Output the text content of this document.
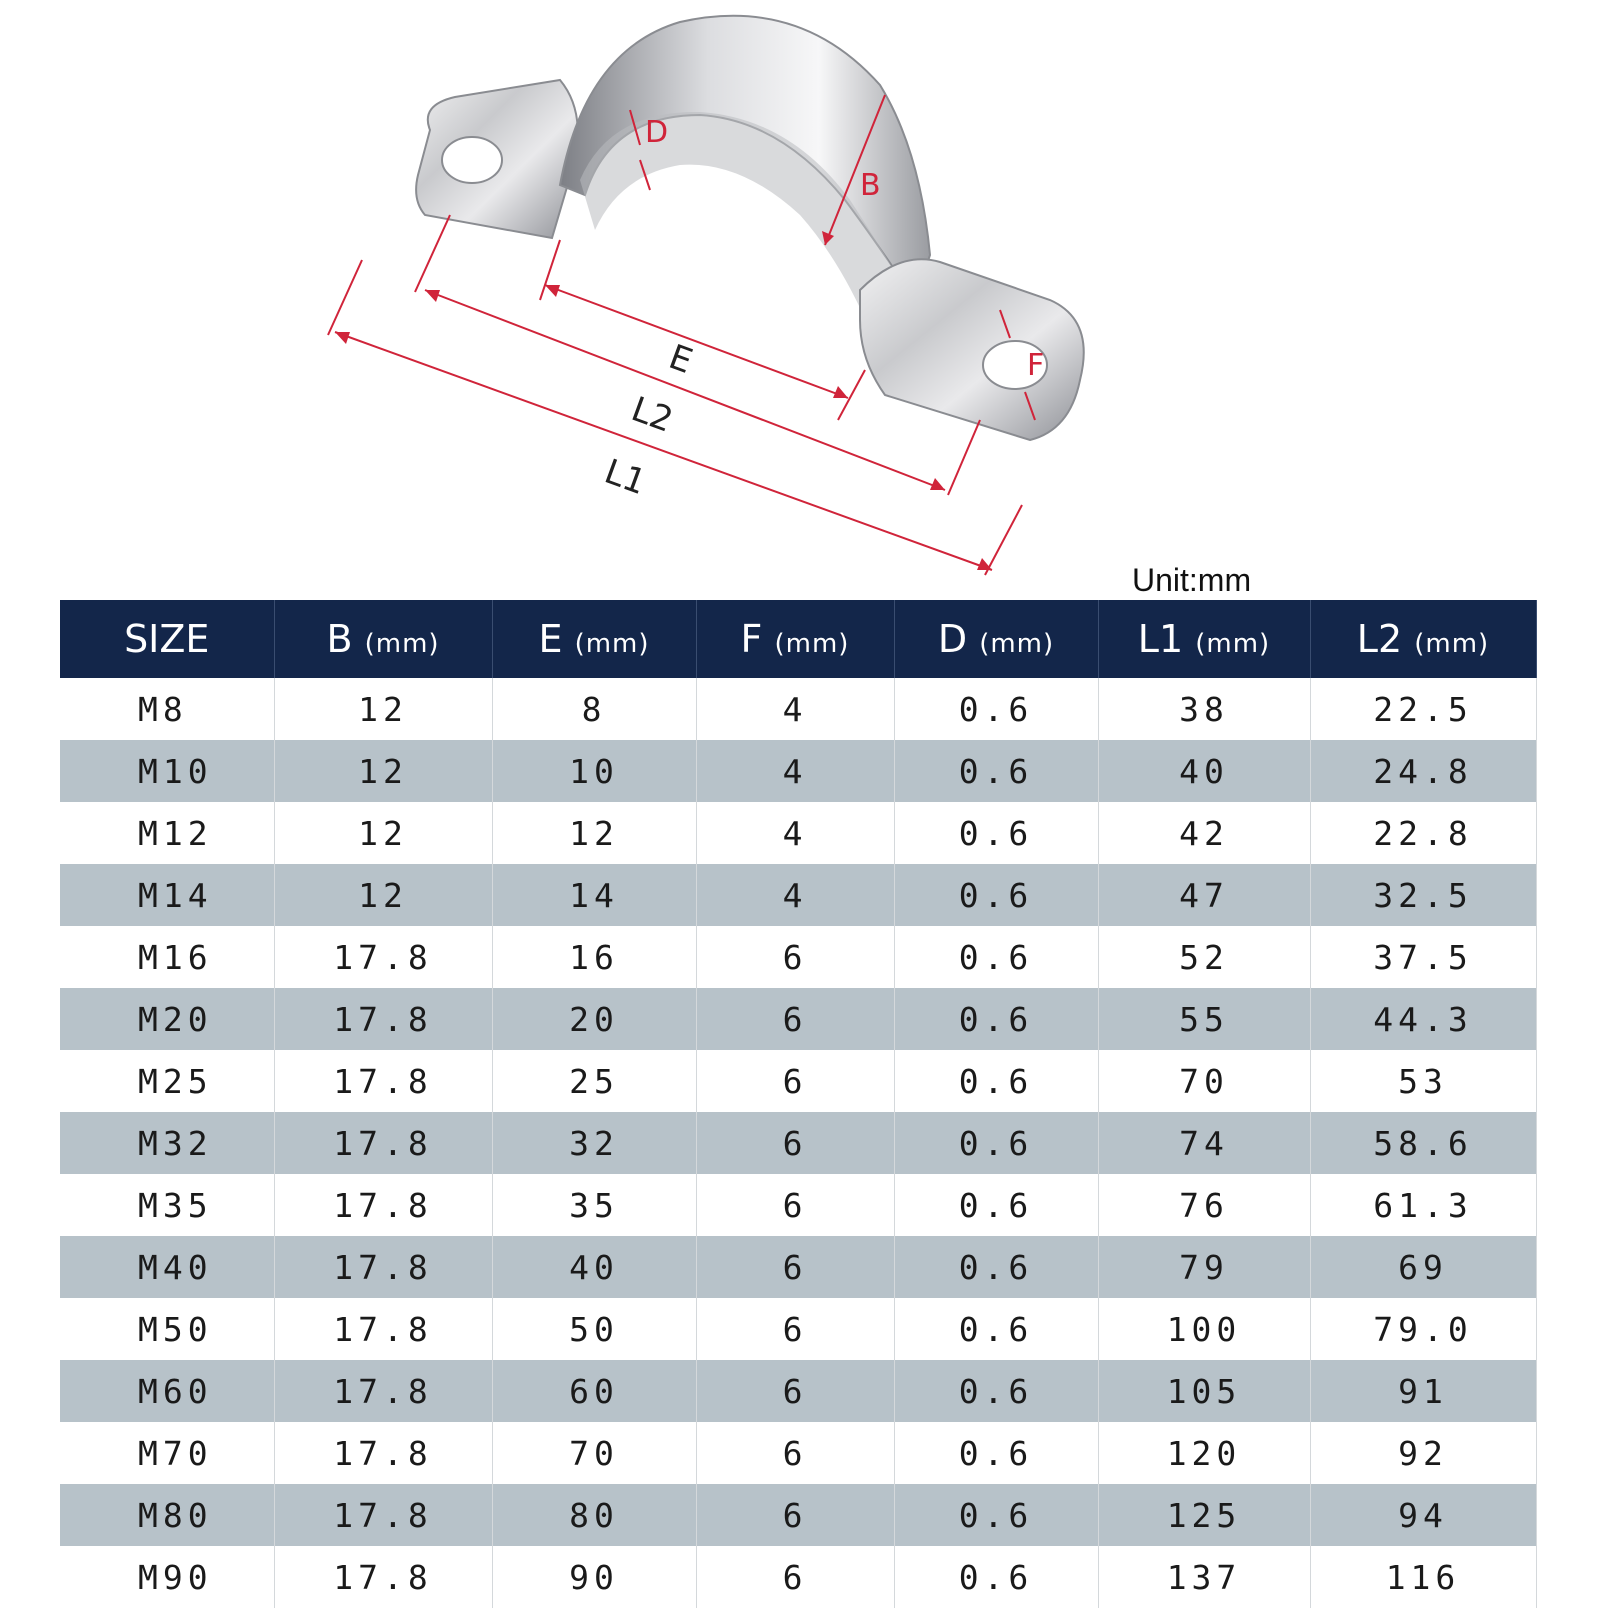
D
B
F
E
L2
L1
Unit:mm
SIZE	B (mm)	E (mm)	F (mm)	D (mm)	L1 (mm)	L2 (mm)
M8	12	8	4	0.6	38	22.5
M10	12	10	4	0.6	40	24.8
M12	12	12	4	0.6	42	22.8
M14	12	14	4	0.6	47	32.5
M16	17.8	16	6	0.6	52	37.5
M20	17.8	20	6	0.6	55	44.3
M25	17.8	25	6	0.6	70	53
M32	17.8	32	6	0.6	74	58.6
M35	17.8	35	6	0.6	76	61.3
M40	17.8	40	6	0.6	79	69
M50	17.8	50	6	0.6	100	79.0
M60	17.8	60	6	0.6	105	91
M70	17.8	70	6	0.6	120	92
M80	17.8	80	6	0.6	125	94
M90	17.8	90	6	0.6	137	116
